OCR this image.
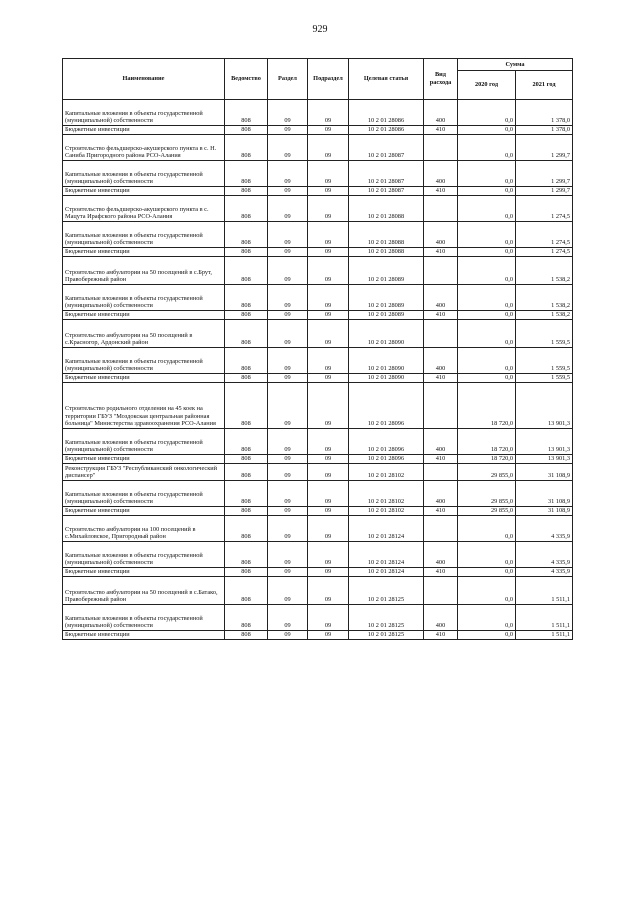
929
Наименование	Ведомство	Раздел	Подраздел	Целевая статья	Вид расхода	Сумма	
						2020 год	2021 год
Капитальные вложения в объекты государственной (муниципальной) собственности	808	09	09	10 2 01 28086	400	0,0	1 378,0
Бюджетные инвестиции	808	09	09	10 2 01 28086	410	0,0	1 378,0
Строительство фельдшерско-акушерского пункта в с. Н. Саниба Пригородного района РСО-Алания	808	09	09	10 2 01 28087		0,0	1 299,7
Капитальные вложения в объекты государственной (муниципальной) собственности	808	09	09	10 2 01 28087	400	0,0	1 299,7
Бюджетные инвестиции	808	09	09	10 2 01 28087	410	0,0	1 299,7
Строительство фельдшерско-акушерского пункта в с. Мацута Ирафского района РСО-Алания	808	09	09	10 2 01 28088		0,0	1 274,5
Капитальные вложения в объекты государственной (муниципальной) собственности	808	09	09	10 2 01 28088	400	0,0	1 274,5
Бюджетные инвестиции	808	09	09	10 2 01 28088	410	0,0	1 274,5
Строительство амбулатории на 50 посещений в с.Брут, Правобережный район	808	09	09	10 2 01 28089		0,0	1 538,2
Капитальные вложения в объекты государственной (муниципальной) собственности	808	09	09	10 2 01 28089	400	0,0	1 538,2
Бюджетные инвестиции	808	09	09	10 2 01 28089	410	0,0	1 538,2
Строительство амбулатории на 50 посещений в с.Красногор, Ардонский район	808	09	09	10 2 01 28090		0,0	1 559,5
Капитальные вложения в объекты государственной (муниципальной) собственности	808	09	09	10 2 01 28090	400	0,0	1 559,5
Бюджетные инвестиции	808	09	09	10 2 01 28090	410	0,0	1 559,5
Строительство родильного отделения на 45 коек на территории ГБУЗ "Моздокская центральная районная больница" Министерства здравоохранения РСО-Алания	808	09	09	10 2 01 28096		18 720,0	13 901,3
Капитальные вложения в объекты государственной (муниципальной) собственности	808	09	09	10 2 01 28096	400	18 720,0	13 901,3
Бюджетные инвестиции	808	09	09	10 2 01 28096	410	18 720,0	13 901,3
Реконструкция ГБУЗ "Республиканский онкологический диспансер"	808	09	09	10 2 01 28102		29 855,0	31 108,9
Капитальные вложения в объекты государственной (муниципальной) собственности	808	09	09	10 2 01 28102	400	29 855,0	31 108,9
Бюджетные инвестиции	808	09	09	10 2 01 28102	410	29 855,0	31 108,9
Строительство амбулатории на 100 посещений в с.Михайловское, Пригородный район	808	09	09	10 2 01 28124		0,0	4 335,9
Капитальные вложения в объекты государственной (муниципальной) собственности	808	09	09	10 2 01 28124	400	0,0	4 335,9
Бюджетные инвестиции	808	09	09	10 2 01 28124	410	0,0	4 335,9
Строительство амбулатории на 50 посещений в с.Батако, Правобережный район	808	09	09	10 2 01 28125		0,0	1 511,1
Капитальные вложения в объекты государственной (муниципальной) собственности	808	09	09	10 2 01 28125	400	0,0	1 511,1
Бюджетные инвестиции	808	09	09	10 2 01 28125	410	0,0	1 511,1
